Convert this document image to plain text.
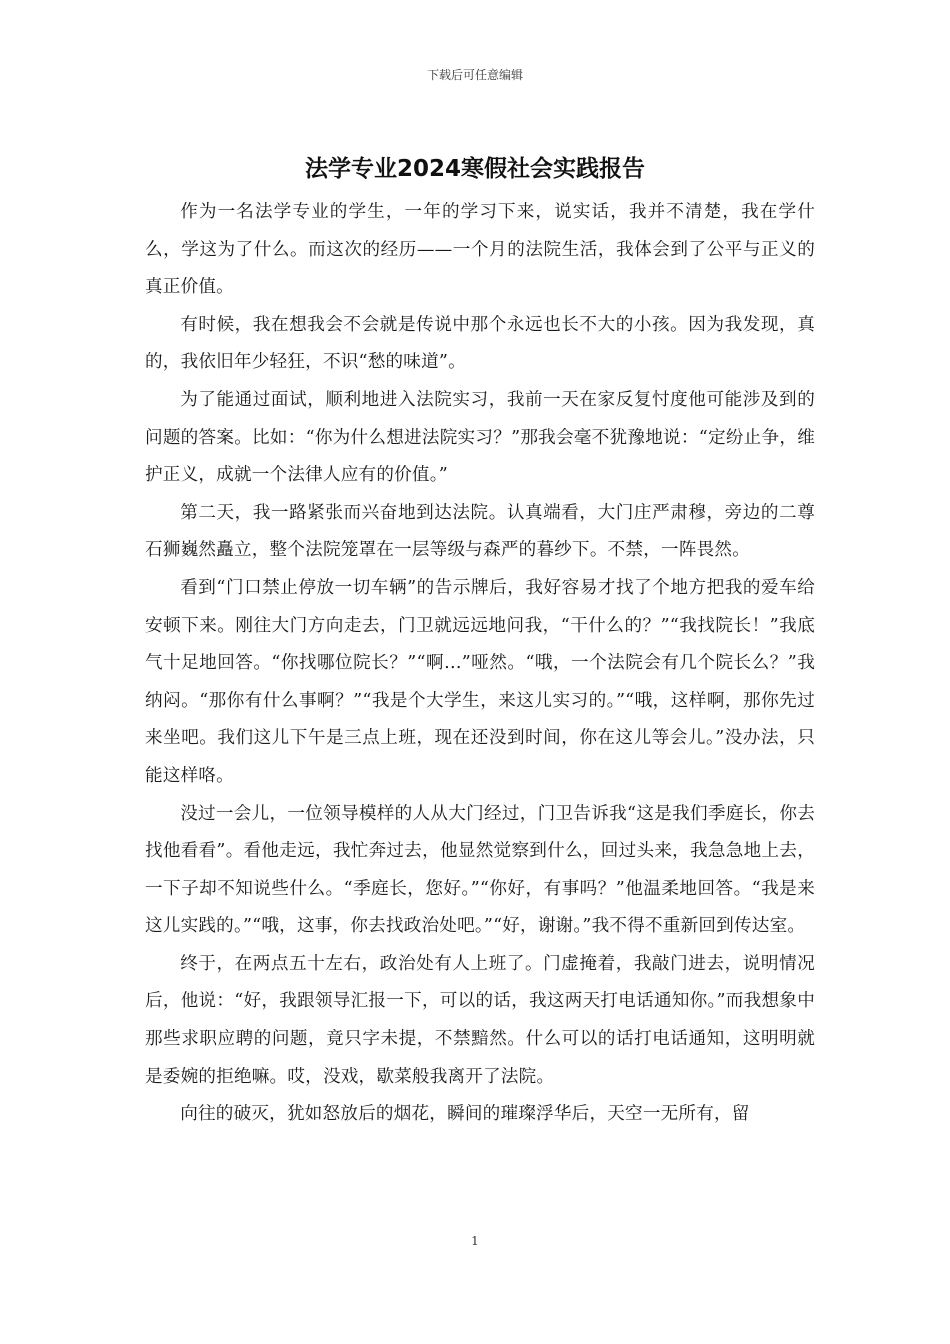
下载后可任意编辑
法学专业2024寒假社会实践报告

作为一名法学专业的学生，一年的学习下来，说实话，我并不清楚，我在学什么，学这为了什么。而这次的经历——一个月的法院生活，我体会到了公平与正义的真正价值。

有时候，我在想我会不会就是传说中那个永远也长不大的小孩。因为我发现，真的，我依旧年少轻狂，不识“愁的味道”。

为了能通过面试，顺利地进入法院实习，我前一天在家反复忖度他可能涉及到的问题的答案。比如：“你为什么想进法院实习？”那我会毫不犹豫地说：“定纷止争，维护正义，成就一个法律人应有的价值。”

第二天，我一路紧张而兴奋地到达法院。认真端看，大门庄严肃穆，旁边的二尊石狮巍然矗立，整个法院笼罩在一层等级与森严的暮纱下。不禁，一阵畏然。

看到“门口禁止停放一切车辆”的告示牌后，我好容易才找了个地方把我的爱车给安顿下来。刚往大门方向走去，门卫就远远地问我，“干什么的？”“我找院长！”我底气十足地回答。“你找哪位院长？”“啊…”哑然。“哦，一个法院会有几个院长么？”我纳闷。“那你有什么事啊？”“我是个大学生，来这儿实习的。”“哦，这样啊，那你先过来坐吧。我们这儿下午是三点上班，现在还没到时间，你在这儿等会儿。”没办法，只能这样咯。

没过一会儿，一位领导模样的人从大门经过，门卫告诉我“这是我们季庭长，你去找他看看”。看他走远，我忙奔过去，他显然觉察到什么，回过头来，我急急地上去，一下子却不知说些什么。“季庭长，您好。”“你好，有事吗？”他温柔地回答。“我是来这儿实践的。”“哦，这事，你去找政治处吧。”“好，谢谢。”我不得不重新回到传达室。

终于，在两点五十左右，政治处有人上班了。门虚掩着，我敲门进去，说明情况后，他说：“好，我跟领导汇报一下，可以的话，我这两天打电话通知你。”而我想象中那些求职应聘的问题，竟只字未提，不禁黯然。什么可以的话打电话通知，这明明就是委婉的拒绝嘛。哎，没戏，歇菜般我离开了法院。

向往的破灭，犹如怒放后的烟花，瞬间的璀璨浮华后，天空一无所有，留

1
